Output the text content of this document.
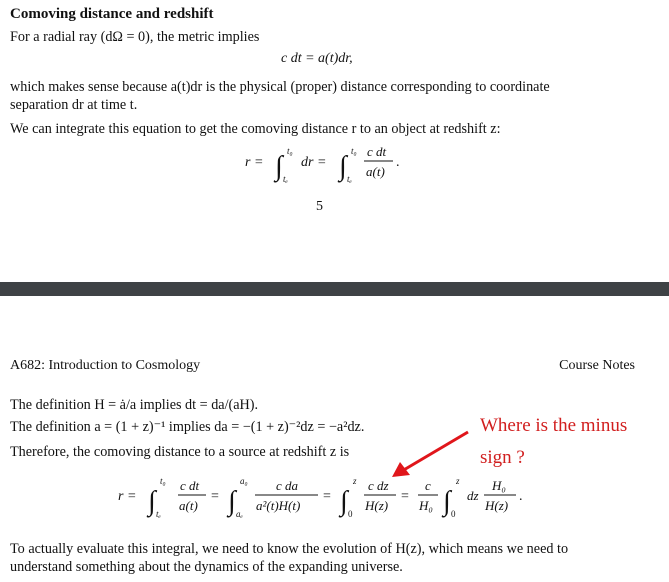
Comoving distance and redshift

For a radial ray (dΩ = 0), the metric implies

c dt = a(t)dr,

which makes sense because a(t)dr is the physical (proper) distance corresponding to coordinate

separation dr at time t.

We can integrate this equation to get the comoving distance r to an object at redshift z:

r = ∫ t₀
tₑ
dr = ∫ t₀
tₑ
c dt
a(t)
.

5

A682: Introduction to Cosmology	Course Notes

The definition H = ȧ/a implies dt = da/(aH).

The definition a = (1 + z)⁻¹ implies da = −(1 + z)⁻²dz = −a²dz.

Therefore, the comoving distance to a source at redshift z is

r = ∫
t₀
tₑ
c dt
a(t)
= ∫
a₀
aₑ
c da
a²(t)H(t)
= ∫
z
0
c dz
H(z)
=
c
H₀ ∫
z
0
dz
H₀
H(z)
.

To actually evaluate this integral, we need to know the evolution of H(z), which means we need to

understand something about the dynamics of the expanding universe.

Where is the minus
sign ?
